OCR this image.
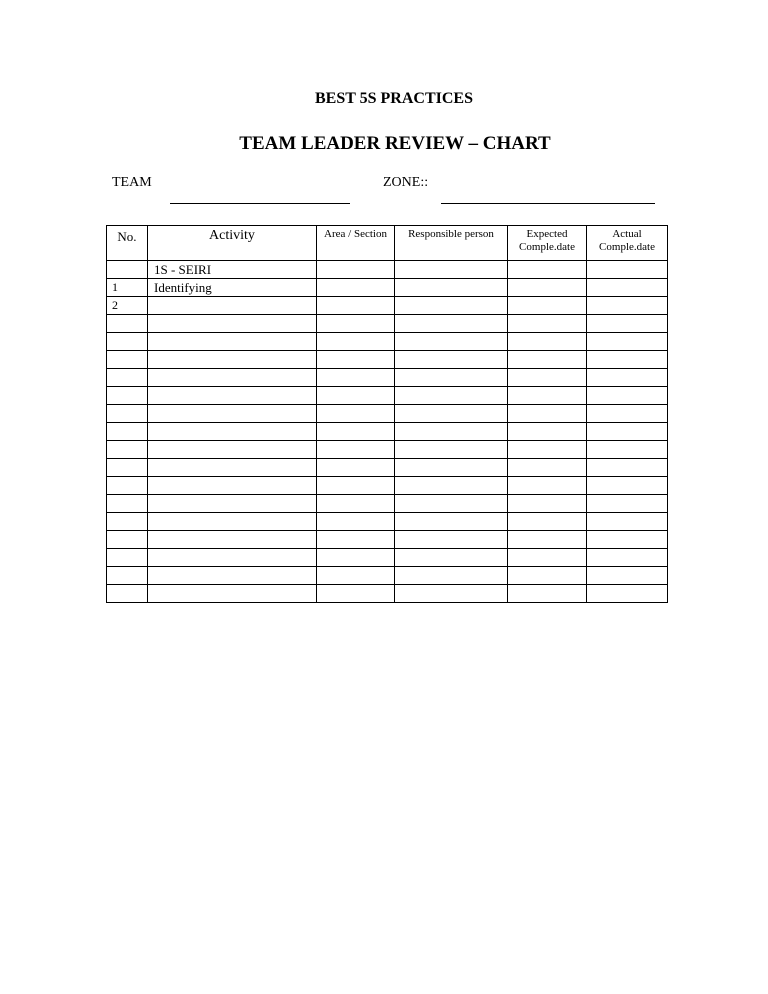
BEST 5S PRACTICES
TEAM LEADER REVIEW – CHART
TEAM	ZONE::
No.	Activity	Area / Section	Responsible person	Expected Comple.date	Actual Comple.date
	1S - SEIRI				
1	Identifying				
2					
